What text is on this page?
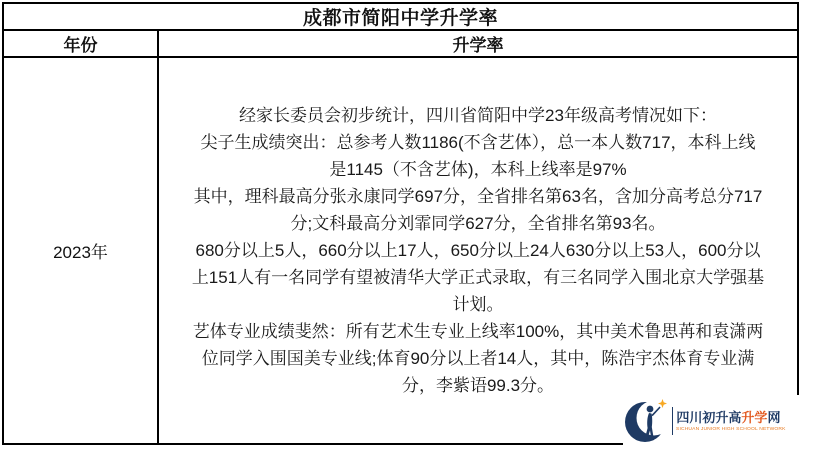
成都市简阳中学升学率
年份	升学率
2023年
经家长委员会初步统计，四川省简阳中学23年级高考情况如下：
尖子生成绩突出：总参考人数1186(不含艺体），总一本人数717，本科上线
是1145（不含艺体)，本科上线率是97%
其中，理科最高分张永康同学697分，全省排名第63名，含加分高考总分717
分;文科最高分刘霏同学627分，全省排名第93名。
680分以上5人，660分以上17人，650分以上24人630分以上53人，600分以
上151人有一名同学有望被清华大学正式录取，有三名同学入围北京大学强基
计划。
艺体专业成绩斐然：所有艺术生专业上线率100%，其中美术鲁思苒和袁潇两
位同学入围国美专业线;体育90分以上者14人，其中，陈浩宇杰体育专业满
分，李紫语99.3分。
四川初升高升学网
SICHUAN JUNIOR HIGH SCHOOL NETWORK
